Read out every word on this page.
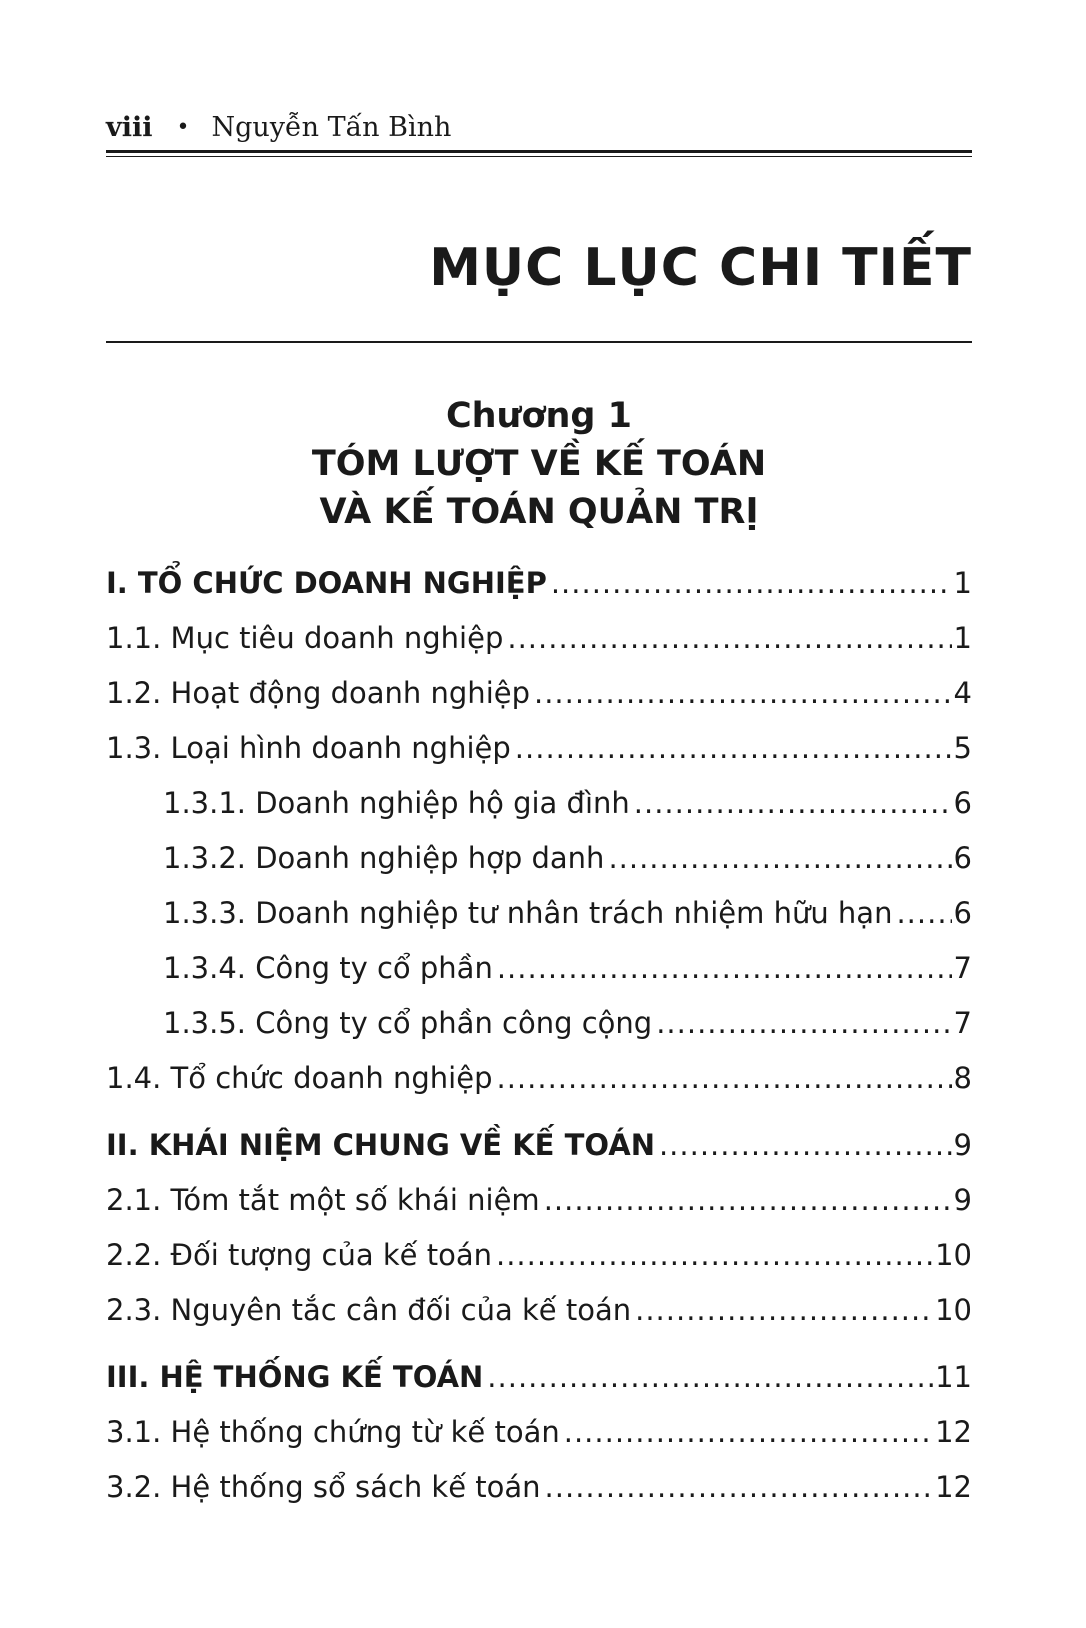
viii • Nguyễn Tấn Bình
MỤC LỤC CHI TIẾT
Chương 1
TÓM LƯỢT VỀ KẾ TOÁN
VÀ KẾ TOÁN QUẢN TRỊ
I. TỔ CHỨC DOANH NGHIỆP .....	1
1.1. Mục tiêu doanh nghiệp .....	1
1.2. Hoạt động doanh nghiệp .....	4
1.3. Loại hình doanh nghiệp .....	5
1.3.1. Doanh nghiệp hộ gia đình .....	6
1.3.2. Doanh nghiệp hợp danh .....	6
1.3.3. Doanh nghiệp tư nhân trách nhiệm hữu hạn ..... 6
1.3.4. Công ty cổ phần .....	7
1.3.5. Công ty cổ phần công cộng .....	7
1.4. Tổ chức doanh nghiệp .....	8
II. KHÁI NIỆM CHUNG VỀ KẾ TOÁN .....	9
2.1. Tóm tắt một số khái niệm .....	9
2.2. Đối tượng của kế toán .....	10
2.3. Nguyên tắc cân đối của kế toán .....	10
III. HỆ THỐNG KẾ TOÁN .....	11
3.1. Hệ thống chứng từ kế toán .....	12
3.2. Hệ thống sổ sách kế toán .....	12
